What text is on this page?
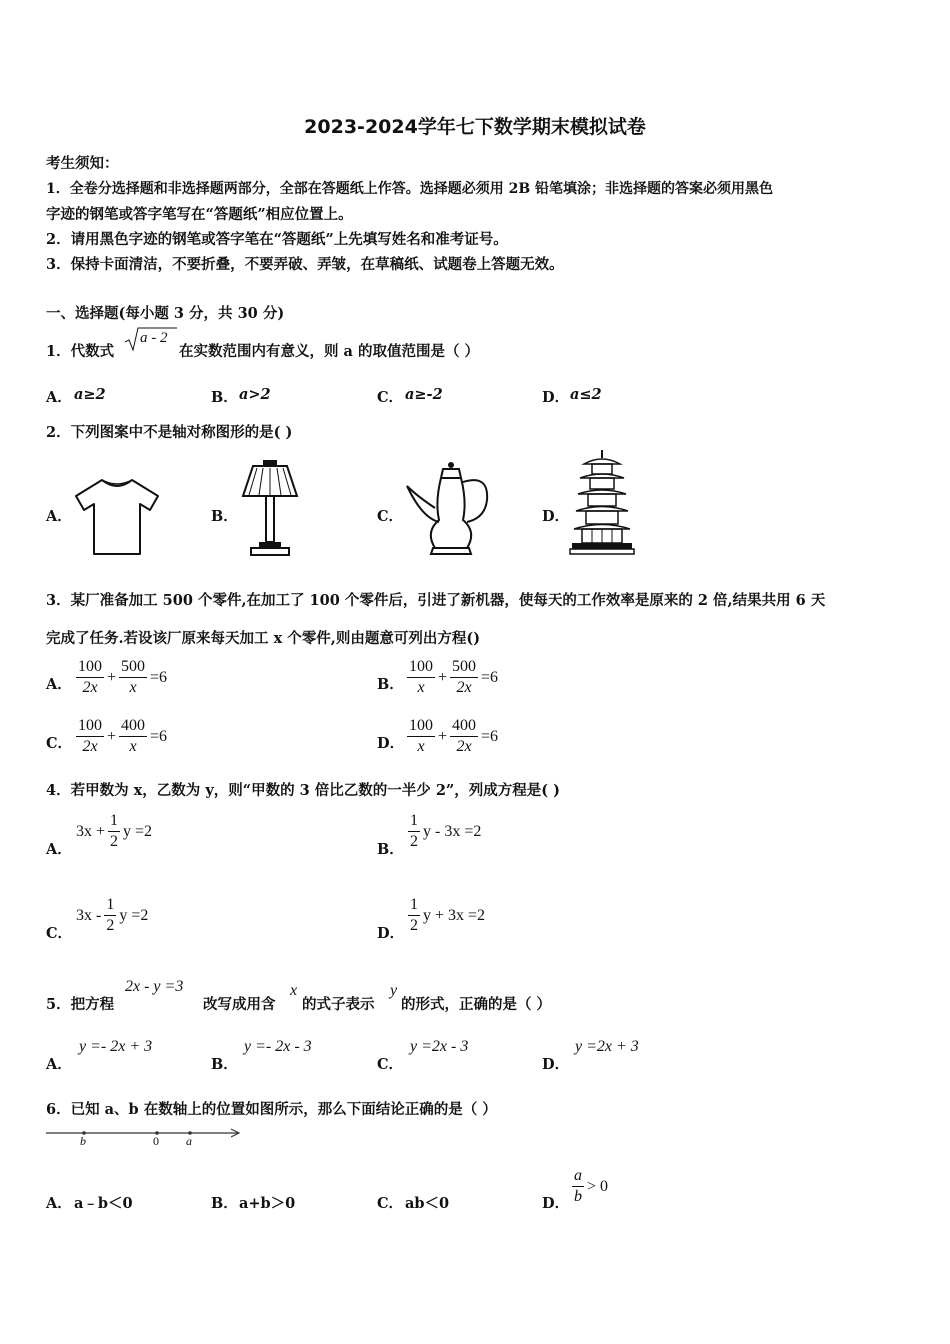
2023-2024学年七下数学期末模拟试卷
考生须知：
1．全卷分选择题和非选择题两部分，全部在答题纸上作答。选择题必须用 2B 铅笔填涂；非选择题的答案必须用黑色
字迹的钢笔或答字笔写在“答题纸”相应位置上。
2．请用黑色字迹的钢笔或答字笔在“答题纸”上先填写姓名和准考证号。
3．保持卡面清洁，不要折叠，不要弄破、弄皱，在草稿纸、试题卷上答题无效。
一、选择题(每小题 3 分，共 30 分)
1．代数式
a - 2
在实数范围内有意义，则 a 的取值范围是（ ）
A． a≥2	B． a>2	C． a≥-2	D． a≤2
2．下列图案中不是轴对称图形的是( )
A．	B．	C．	D．
3．某厂准备加工 500 个零件,在加工了 100 个零件后，引进了新机器，使每天的工作效率是原来的 2 倍,结果共用 6 天
完成了任务.若设该厂原来每天加工 x 个零件,则由题意可列出方程()
A． $\frac{100}{2x} + \frac{500}{x} =6$	B． $\frac{100}{x} + \frac{500}{2x} =6$
C． $\frac{100}{2x} + \frac{400}{x} =6$	D． $\frac{100}{x} + \frac{400}{2x} =6$
4．若甲数为 x，乙数为 y，则“甲数的 3 倍比乙数的一半少 2”，列成方程是( )
A．
$3x + \frac{1}{2}$ y =2
B． $\frac{1}{2}$ y - 3x =2
C．
$3x - \frac{1}{2}$ y =2
D． $\frac{1}{2}$ y + 3x =2
5．把方程
2x - y =3
改写成用含
x
的式子表示
y
的形式，正确的是（ ）
A．
y =- 2x + 3
B．
y =- 2x - 3
C．
y =2x - 3
D．
y =2x + 3
6．已知 a、b 在数轴上的位置如图所示，那么下面结论正确的是（ ）
b	0 a
A． a﹣b＜0	B． a+b＞0	C． ab＜0	D． $\frac{a}{b} > 0$
